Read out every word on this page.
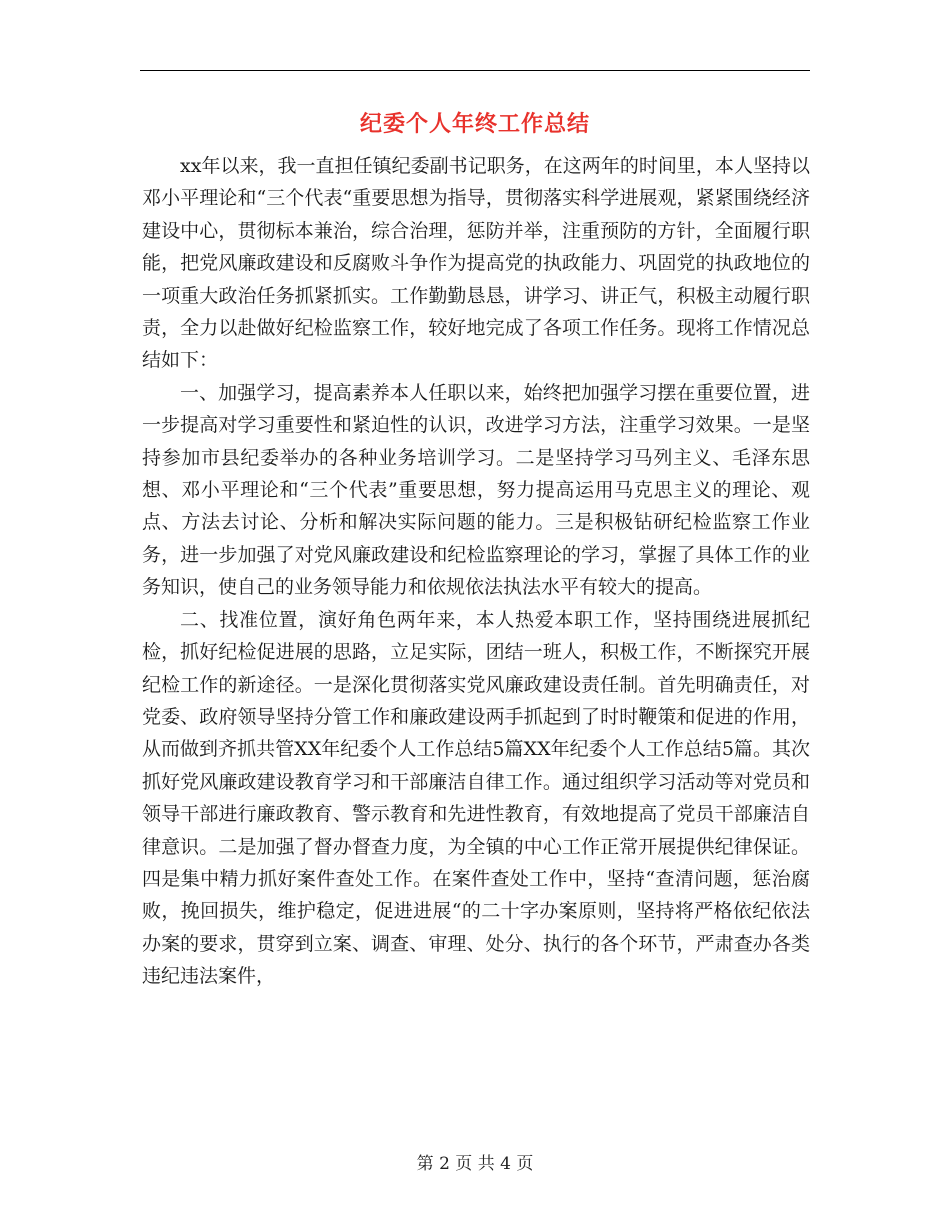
纪委个人年终工作总结

xx年以来，我一直担任镇纪委副书记职务，在这两年的时间里，本人坚持以邓小平理论和“三个代表“重要思想为指导，贯彻落实科学进展观，紧紧围绕经济建设中心，贯彻标本兼治，综合治理，惩防并举，注重预防的方针，全面履行职能，把党风廉政建设和反腐败斗争作为提高党的执政能力、巩固党的执政地位的一项重大政治任务抓紧抓实。工作勤勤恳恳，讲学习、讲正气，积极主动履行职责，全力以赴做好纪检监察工作，较好地完成了各项工作任务。现将工作情况总结如下：

一、加强学习，提高素养本人任职以来，始终把加强学习摆在重要位置，进一步提高对学习重要性和紧迫性的认识，改进学习方法，注重学习效果。一是坚持参加市县纪委举办的各种业务培训学习。二是坚持学习马列主义、毛泽东思想、邓小平理论和“三个代表”重要思想，努力提高运用马克思主义的理论、观点、方法去讨论、分析和解决实际问题的能力。三是积极钻研纪检监察工作业务，进一步加强了对党风廉政建设和纪检监察理论的学习，掌握了具体工作的业务知识，使自己的业务领导能力和依规依法执法水平有较大的提高。

二、找准位置，演好角色两年来，本人热爱本职工作，坚持围绕进展抓纪检，抓好纪检促进展的思路，立足实际，团结一班人，积极工作，不断探究开展纪检工作的新途径。一是深化贯彻落实党风廉政建设责任制。首先明确责任，对党委、政府领导坚持分管工作和廉政建设两手抓起到了时时鞭策和促进的作用，从而做到齐抓共管XX年纪委个人工作总结5篇XX年纪委个人工作总结5篇。其次抓好党风廉政建设教育学习和干部廉洁自律工作。通过组织学习活动等对党员和领导干部进行廉政教育、警示教育和先进性教育，有效地提高了党员干部廉洁自律意识。二是加强了督办督查力度，为全镇的中心工作正常开展提供纪律保证。四是集中精力抓好案件查处工作。在案件查处工作中，坚持“查清问题，惩治腐败，挽回损失，维护稳定，促进进展“的二十字办案原则，坚持将严格依纪依法办案的要求，贯穿到立案、调查、审理、处分、执行的各个环节，严肃查办各类违纪违法案件，

第 2 页 共 4 页
